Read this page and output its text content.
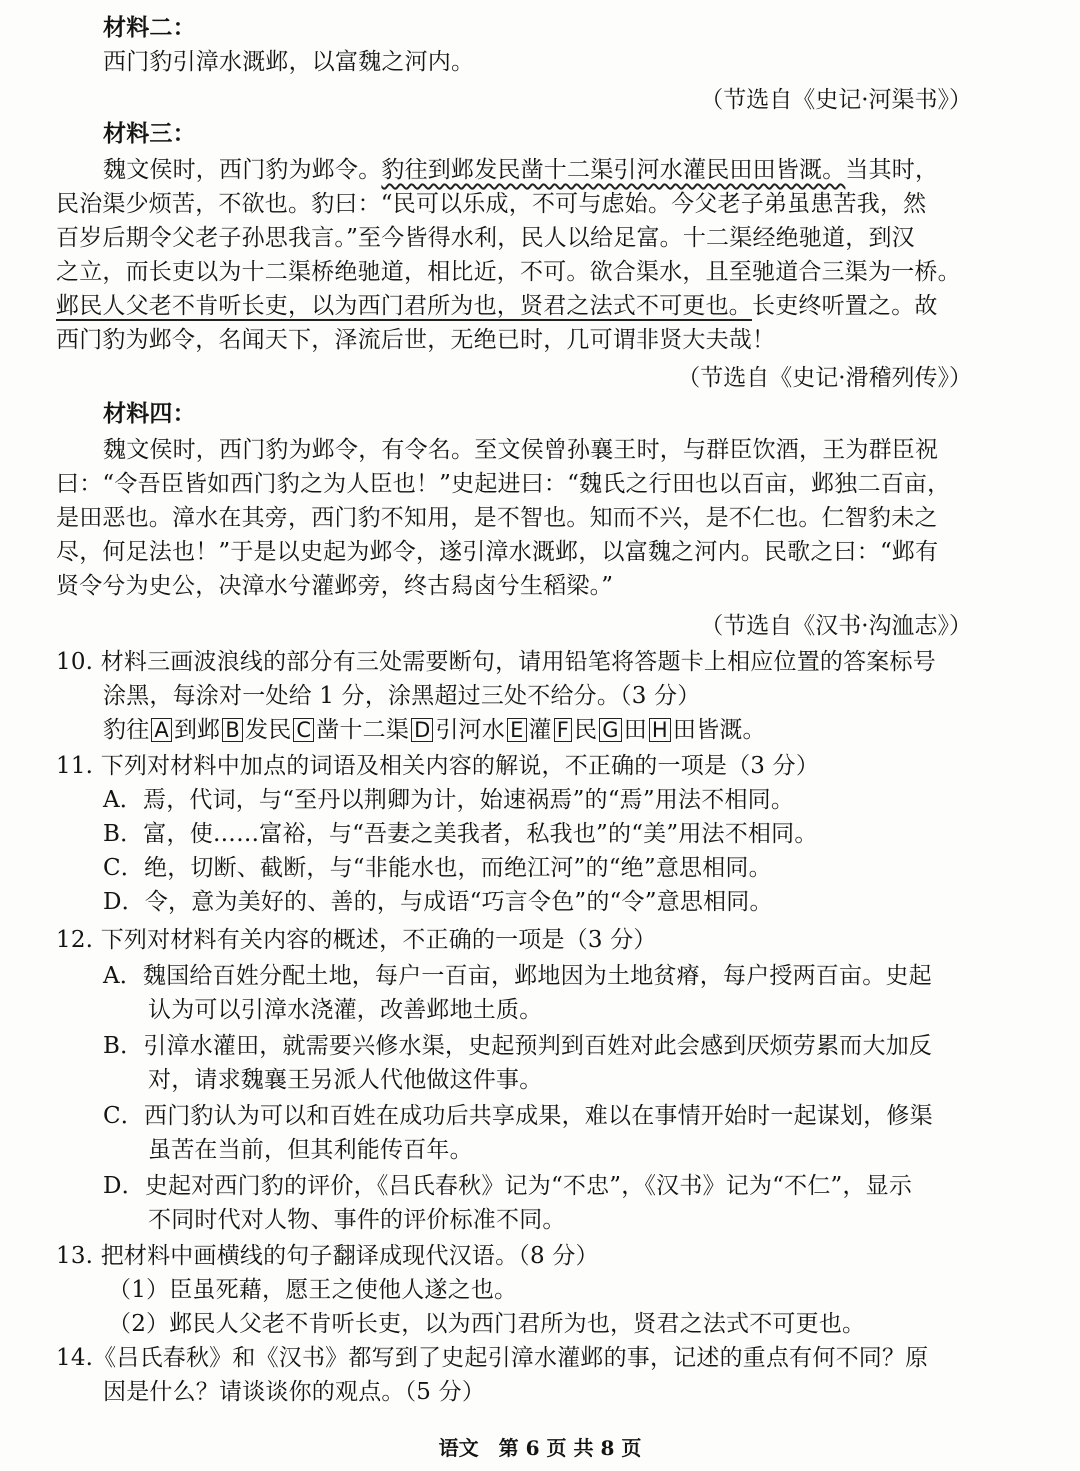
材料二：
西门豹引漳水溉邺，以富魏之河内。
（节选自《史记·河渠书》）
材料三：
魏文侯时，西门豹为邺令。豹往到邺发民凿十二渠引河水灌民田田皆溉。当其时，
民治渠少烦苦，不欲也。豹曰：“民可以乐成，不可与虑始。今父老子弟虽患苦我，然
百岁后期令父老子孙思我言。”至今皆得水利，民人以给足富。十二渠经绝驰道，到汉
之立，而长吏以为十二渠桥绝驰道，相比近，不可。欲合渠水，且至驰道合三渠为一桥。
邺民人父老不肯听长吏，以为西门君所为也，贤君之法式不可更也。长吏终听置之。故
西门豹为邺令，名闻天下，泽流后世，无绝已时，几可谓非贤大夫哉！
（节选自《史记·滑稽列传》）
材料四：
魏文侯时，西门豹为邺令，有令名。至文侯曾孙襄王时，与群臣饮酒，王为群臣祝
曰：“令吾臣皆如西门豹之为人臣也！”史起进曰：“魏氏之行田也以百亩，邺独二百亩，
是田恶也。漳水在其旁，西门豹不知用，是不智也。知而不兴，是不仁也。仁智豹未之
尽，何足法也！”于是以史起为邺令，遂引漳水溉邺，以富魏之河内。民歌之曰：“邺有
贤令兮为史公，决漳水兮灌邺旁，终古舄卤兮生稻梁。”
（节选自《汉书·沟洫志》）
10. 材料三画波浪线的部分有三处需要断句，请用铅笔将答题卡上相应位置的答案标号
涂黑，每涂对一处给 1 分，涂黑超过三处不给分。（3 分）
豹往 A 到邺 B 发民 C 凿十二渠 D 引河水 E 灌 F 民 G 田 H 田皆溉。
11. 下列对材料中加点的词语及相关内容的解说，不正确的一项是（3 分）
A．焉，代词，与“至丹以荆卿为计，始速祸焉”的“焉”用法不相同。
B．富，使……富裕，与“吾妻之美我者，私我也”的“美”用法不相同。
C．绝，切断、截断，与“非能水也，而绝江河”的“绝”意思相同。
D．令，意为美好的、善的，与成语“巧言令色”的“令”意思相同。
12. 下列对材料有关内容的概述，不正确的一项是（3 分）
A．魏国给百姓分配土地，每户一百亩，邺地因为土地贫瘠，每户授两百亩。史起
认为可以引漳水浇灌，改善邺地土质。
B．引漳水灌田，就需要兴修水渠，史起预判到百姓对此会感到厌烦劳累而大加反
对，请求魏襄王另派人代他做这件事。
C．西门豹认为可以和百姓在成功后共享成果，难以在事情开始时一起谋划，修渠
虽苦在当前，但其利能传百年。
D．史起对西门豹的评价，《吕氏春秋》记为“不忠”，《汉书》记为“不仁”，显示
不同时代对人物、事件的评价标准不同。
13. 把材料中画横线的句子翻译成现代汉语。（8 分）
（1）臣虽死藉，愿王之使他人遂之也。
（2）邺民人父老不肯听长吏，以为西门君所为也，贤君之法式不可更也。
14.《吕氏春秋》和《汉书》都写到了史起引漳水灌邺的事，记述的重点有何不同？原
因是什么？请谈谈你的观点。（5 分）
语文　第 6 页 共 8 页
